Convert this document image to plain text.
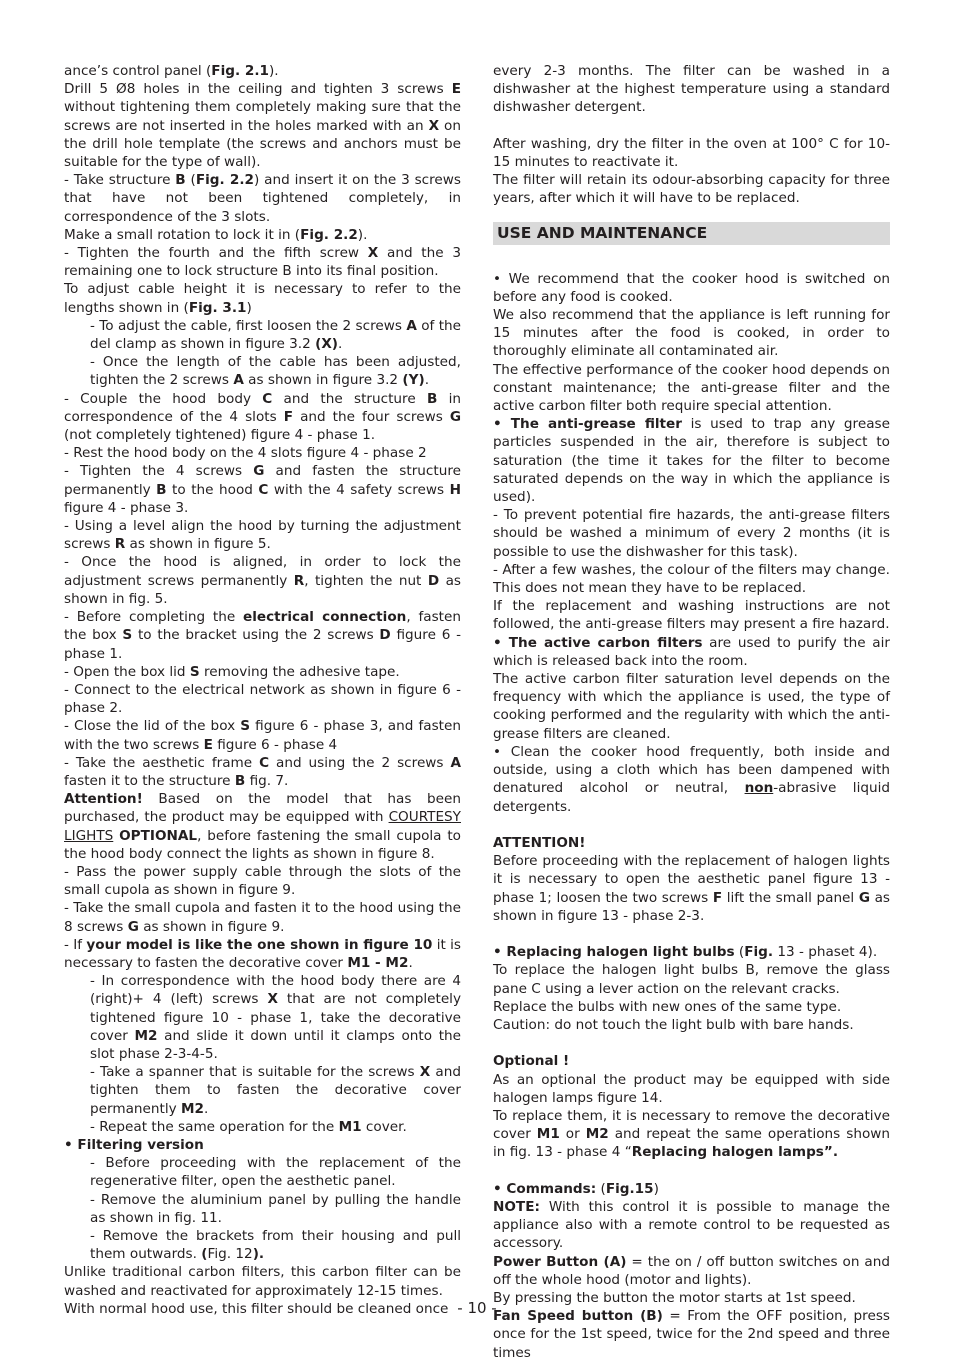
ance’s control panel (Fig. 2.1).

Drill 5 Ø8 holes in the ceiling and tighten 3 screws E without tightening them completely making sure that the screws are not inserted in the holes marked with an X on the drill hole template (the screws and anchors must be suitable for the type of wall).

- Take structure B (Fig. 2.2) and insert it on the 3 screws that have not been tightened completely, in correspondence of the 3 slots.

Make a small rotation to lock it in (Fig. 2.2).

- Tighten the fourth and the fifth screw X and the 3 remaining one to lock structure B into its final position.

To adjust cable height it is necessary to refer to the lengths shown in (Fig. 3.1)

- To adjust the cable, first loosen the 2 screws A of the del clamp as shown in figure 3.2 (X).

- Once the length of the cable has been adjusted, tighten the 2 screws A as shown in figure 3.2 (Y).

- Couple the hood body C and the structure B in correspondence of the 4 slots F and the four screws G (not completely tightened) figure 4 - phase 1.

- Rest the hood body on the 4 slots figure 4 - phase 2

- Tighten the 4 screws G and fasten the structure permanently B to the hood C with the 4 safety screws H figure 4 - phase 3.

- Using a level align the hood by turning the adjustment screws R as shown in figure 5.

- Once the hood is aligned, in order to lock the adjustment screws permanently R, tighten the nut D as shown in fig. 5.

- Before completing the electrical connection, fasten the box S to the bracket using the 2 screws D figure 6 - phase 1.

- Open the box lid S removing the adhesive tape.

- Connect to the electrical network as shown in figure 6 - phase 2.

- Close the lid of the box S figure 6 - phase 3, and fasten with the two screws E figure 6 - phase 4

- Take the aesthetic frame C and using the 2 screws A fasten it to the structure B fig. 7.

Attention! Based on the model that has been purchased, the product may be equipped with COURTESY LIGHTS OPTIONAL, before fastening the small cupola to the hood body connect the lights as shown in figure 8.

- Pass the power supply cable through the slots of the small cupola as shown in figure 9.

- Take the small cupola and fasten it to the hood using the 8 screws G as shown in figure 9.

- If your model is like the one shown in figure 10 it is necessary to fasten the decorative cover M1 - M2.

- In correspondence with the hood body there are 4 (right)+ 4 (left) screws X that are not completely tightened figure 10 - phase 1, take the decorative cover M2 and slide it down until it clamps onto the slot phase 2-3-4-5.

- Take a spanner that is suitable for the screws X and tighten them to fasten the decorative cover permanently M2.

- Repeat the same operation for the M1 cover.

• Filtering version

- Before proceeding with the replacement of the regenerative filter, open the aesthetic panel.

- Remove the aluminium panel by pulling the handle as shown in fig. 11.

- Remove the brackets from their housing and pull them outwards. (Fig. 12).

Unlike traditional carbon filters, this carbon filter can be washed and reactivated for approximately 12-15 times.

With normal hood use, this filter should be cleaned once

every 2-3 months. The filter can be washed in a dishwasher at the highest temperature using a standard dishwasher detergent.

After washing, dry the filter in the oven at 100° C for 10-15 minutes to reactivate it.

The filter will retain its odour-absorbing capacity for three years, after which it will have to be replaced.

USE AND MAINTENANCE

• We recommend that the cooker hood is switched on before any food is cooked.

We also recommend that the appliance is left running for 15 minutes after the food is cooked, in order to thoroughly eliminate all contaminated air.

The effective performance of the cooker hood depends on constant maintenance; the anti-grease filter and the active carbon filter both require special attention.

• The anti-grease filter is used to trap any grease particles suspended in the air, therefore is subject to saturation (the time it takes for the filter to become saturated depends on the way in which the appliance is used).

- To prevent potential fire hazards, the anti-grease filters should be washed a minimum of every 2 months (it is possible to use the dishwasher for this task).

- After a few washes, the colour of the filters may change. This does not mean they have to be replaced.

If the replacement and washing instructions are not followed, the anti-grease filters may present a fire hazard.

• The active carbon filters are used to purify the air which is released back into the room.

The active carbon filter saturation level depends on the frequency with which the appliance is used, the type of cooking performed and the regularity with which the anti-grease filters are cleaned.

• Clean the cooker hood frequently, both inside and outside, using a cloth which has been dampened with denatured alcohol or neutral, non-abrasive liquid detergents.

ATTENTION!

Before proceeding with the replacement of halogen lights it is necessary to open the aesthetic panel figure 13 - phase 1; loosen the two screws F lift the small panel G as shown in figure 13 - phase 2-3.

• Replacing halogen light bulbs (Fig. 13 - phaset 4).

To replace the halogen light bulbs B, remove the glass pane C using a lever action on the relevant cracks.

Replace the bulbs with new ones of the same type.

Caution: do not touch the light bulb with bare hands.

Optional !

As an optional the product may be equipped with side halogen lamps figure 14.

To replace them, it is necessary to remove the decorative cover M1 or M2 and repeat the same operations shown in fig. 13 - phase 4 “Replacing halogen lamps”.

• Commands: (Fig.15)

NOTE: With this control it is possible to manage the appliance also with a remote control to be requested as accessory.

Power Button (A) = the on / off button switches on and off the whole hood (motor and lights).

By pressing the button the motor starts at 1st speed.

Fan Speed button (B) = From the OFF position, press once for the 1st speed, twice for the 2nd speed and three times

- 10 -
